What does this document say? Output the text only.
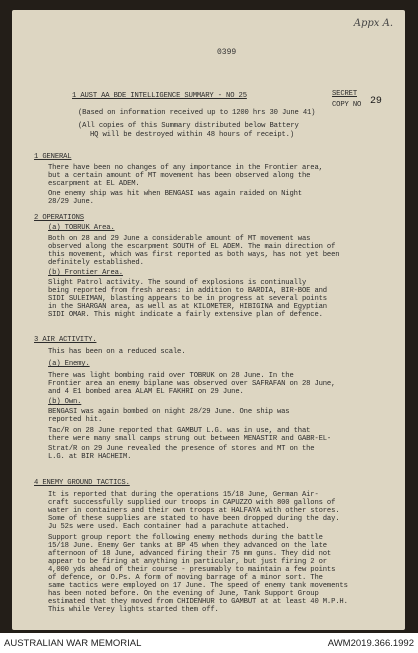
Appx A.
0399
1 AUST AA BDE INTELLIGENCE SUMMARY - NO 25	SECRET
COPY NO 29
(Based on information received up to 1200 hrs 30 June 41)
(All copies of this Summary distributed below Battery
HQ will be destroyed within 48 hours of receipt.)
1 GENERAL
There have been no changes of any importance in the Frontier area,
but a certain amount of MT movement has been observed along the
escarpment at EL ADEM.
One enemy ship was hit when BENGASI was again raided on Night
28/29 June.
2 OPERATIONS
(a) TOBRUK Area.
Both on 28 and 29 June a considerable amount of MT movement was
observed along the escarpment SOUTH of EL ADEM. The main direction of
this movement, which was first reported as both ways, has not yet been
definitely established.
(b) Frontier Area.
Slight Patrol activity. The sound of explosions is continually
being reported from fresh areas: in addition to BARDIA, BIR-BOE and
SIDI SULEIMAN, blasting appears to be in progress at several points
in the SHARGAN area, as well as at KILOMETER, HIBIGINA and Egyptian
SIDI OMAR. This might indicate a fairly extensive plan of defence.
3 AIR ACTIVITY.
This has been on a reduced scale.
(a) Enemy.
There was light bombing raid over TOBRUK on 28 June. In the
Frontier area an enemy biplane was observed over SAFRAFAN on 28 June,
and 4 E1 bombed area ALAM EL FAKHRI on 29 June.
(b) Own.
BENGASI was again bombed on night 28/29 June. One ship was
reported hit.
Tac/R on 28 June reported that GAMBUT L.G. was in use, and that
there were many small camps strung out between MENASTIR and GABR-EL-
Strat/R on 29 June revealed the presence of stores and MT on the
L.G. at BIR HACHEIM.
4 ENEMY GROUND TACTICS.
It is reported that during the operations 15/18 June, German Air-
craft successfully supplied our troops in CAPUZZO with 800 gallons of
water in containers and their own troops at HALFAYA with other stores.
Some of these supplies are stated to have been dropped during the day.
Ju 52s were used. Each container had a parachute attached.
Support group report the following enemy methods during the battle
15/18 June. Enemy Ger tanks at BP 45 when they advanced on the late
afternoon of 18 June, advanced firing their 75 mm guns. They did not
appear to be firing at anything in particular, but just firing 2 or
4,000 yds ahead of their course - presumably to maintain a few points
of defence, or O.Ps. A form of moving barrage of a minor sort. The
same tactics were employed on 17 June. The speed of enemy tank movements
has been noted before. On the evening of June, Tank Support Group
estimated that they moved from CHIDENHUR to GAMBUT at at least 40 M.P.H.
This while Verey lights started them off.
AUSTRALIAN WAR MEMORIAL	AWM2019.366.1992
